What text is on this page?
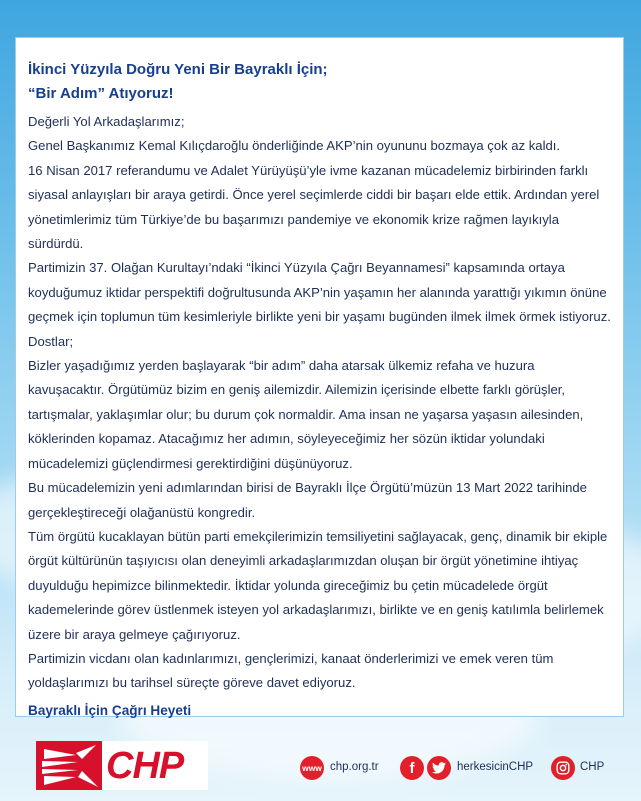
İkinci Yüzyıla Doğru Yeni Bir Bayraklı İçin;

“Bir Adım” Atıyoruz!

Değerli Yol Arkadaşlarımız;

Genel Başkanımız Kemal Kılıçdaroğlu önderliğinde AKP’nin oyununu bozmaya çok az kaldı.

16 Nisan 2017 referandumu ve Adalet Yürüyüşü’yle ivme kazanan mücadelemiz birbirinden farklı siyasal anlayışları bir araya getirdi. Önce yerel seçimlerde ciddi bir başarı elde ettik. Ardından yerel yönetimlerimiz tüm Türkiye’de bu başarımızı pandemiye ve ekonomik krize rağmen layıkıyla sürdürdü.

Partimizin 37. Olağan Kurultayı’ndaki “İkinci Yüzyıla Çağrı Beyannamesi” kapsamında ortaya koyduğumuz iktidar perspektifi doğrultusunda AKP’nin yaşamın her alanında yarattığı yıkımın önüne geçmek için toplumun tüm kesimleriyle birlikte yeni bir yaşamı bugünden ilmek ilmek örmek istiyoruz.

Dostlar;

Bizler yaşadığımız yerden başlayarak “bir adım” daha atarsak ülkemiz refaha ve huzura kavuşacaktır. Örgütümüz bizim en geniş ailemizdir. Ailemizin içerisinde elbette farklı görüşler, tartışmalar, yaklaşımlar olur; bu durum çok normaldir. Ama insan ne yaşarsa yaşasın ailesinden, köklerinden kopamaz. Atacağımız her adımın, söyleyeceğimiz her sözün iktidar yolundaki mücadelemizi güçlendirmesi gerektirdiğini düşünüyoruz.

Bu mücadelemizin yeni adımlarından birisi de Bayraklı İlçe Örgütü’müzün 13 Mart 2022 tarihinde gerçekleştireceği olağanüstü kongredir.

Tüm örgütü kucaklayan bütün parti emekçilerimizin temsiliyetini sağlayacak, genç, dinamik bir ekiple örgüt kültürünün taşıyıcısı olan deneyimli arkadaşlarımızdan oluşan bir örgüt yönetimine ihtiyaç duyulduğu hepimizce bilinmektedir. İktidar yolunda gireceğimiz bu çetin mücadelede örgüt kademelerinde görev üstlenmek isteyen yol arkadaşlarımızı, birlikte ve en geniş katılımla belirlemek üzere bir araya gelmeye çağırıyoruz.

Partimizin vicdanı olan kadınlarımızı, gençlerimizi, kanaat önderlerimizi ve emek veren tüm yoldaşlarımızı bu tarihsel süreçte göreve davet ediyoruz.

Bayraklı İçin Çağrı Heyeti

CHP	www chp.org.tr	f	herkesicinCHP	CHP
